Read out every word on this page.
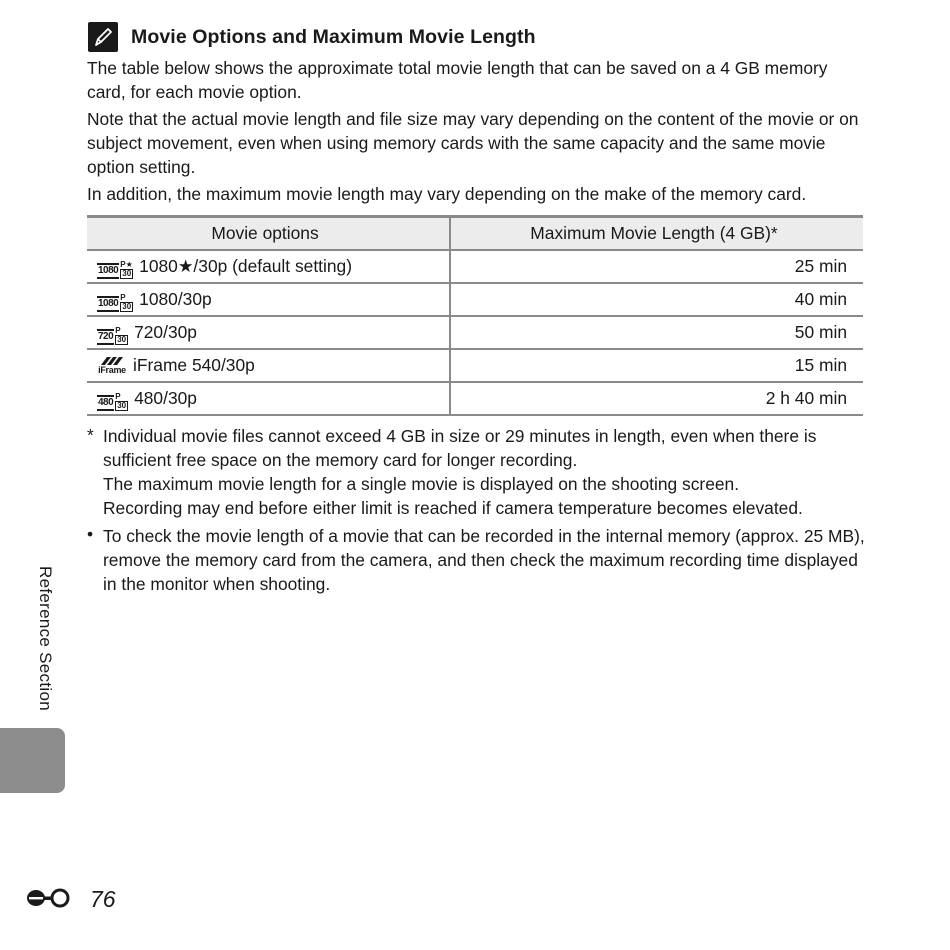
Movie Options and Maximum Movie Length

The table below shows the approximate total movie length that can be saved on a 4 GB memory card, for each movie option.

Note that the actual movie length and file size may vary depending on the content of the movie or on subject movement, even when using memory cards with the same capacity and the same movie option setting.

In addition, the maximum movie length may vary depending on the make of the memory card.

Movie options	Maximum Movie Length (4 GB)*

1080
P★
30 1080★/30p (default setting)	25 min

1080
P
30 1080/30p	40 min

720
P
30 720/30p	50 min

iFrame iFrame 540/30p	15 min

480
P
30 480/30p	2 h 40 min
* Individual movie files cannot exceed 4 GB in size or 29 minutes in length, even when there is sufficient free space on the memory card for longer recording.

The maximum movie length for a single movie is displayed on the shooting screen.

Recording may end before either limit is reached if camera temperature becomes elevated.

• To check the movie length of a movie that can be recorded in the internal memory (approx. 25 MB), remove the memory card from the camera, and then check the maximum recording time displayed in the monitor when shooting.

Reference Section
76
